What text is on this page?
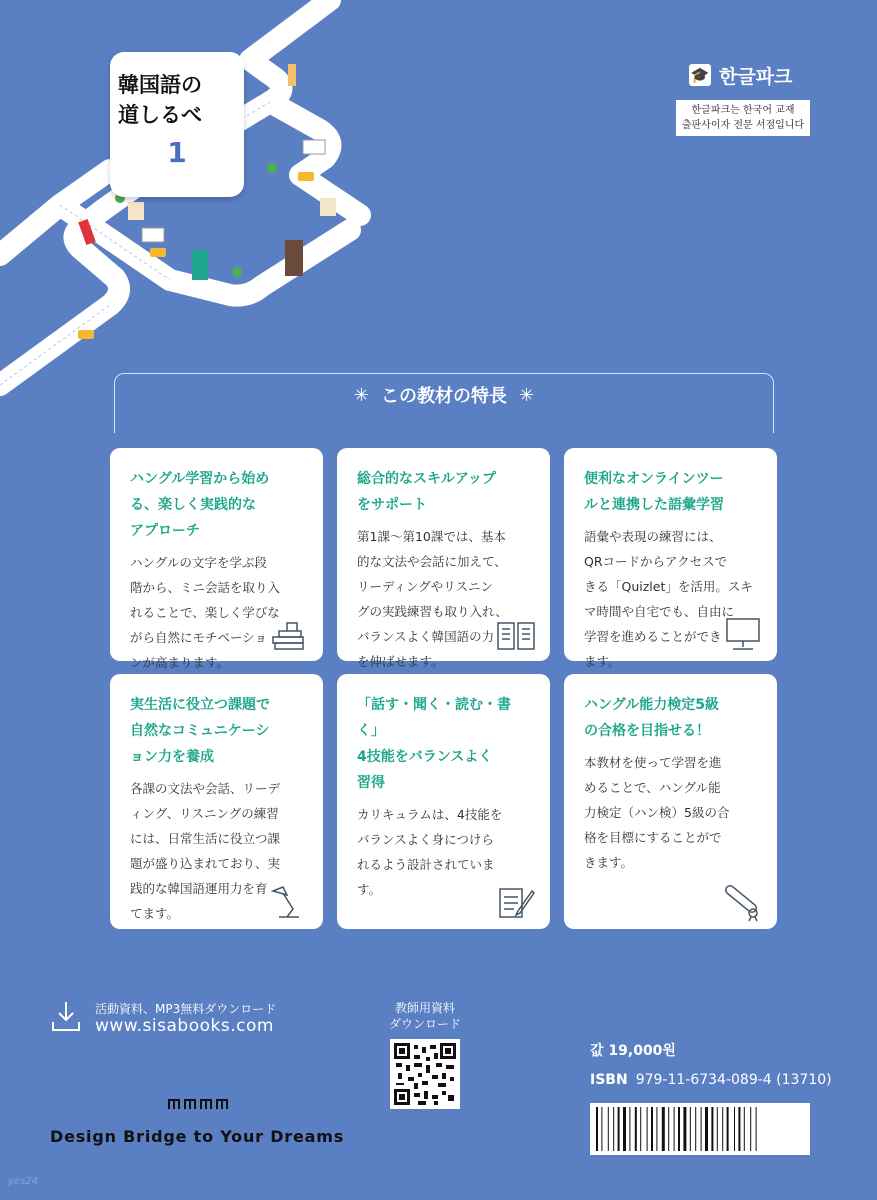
韓国語の
道しるべ
1
🎓 한글파크
한글파크는 한국어 교재
출판사이자 전문 서점입니다
✳ この教材の特長 ✳
ハングル学習から始め
る、楽しく実践的な
アプローチ
ハングルの文字を学ぶ段
階から、ミニ会話を取り入
れることで、楽しく学びな
がら自然にモチベーショ
ンが高まります。
総合的なスキルアップ
をサポート
第1課〜第10課では、基本
的な文法や会話に加えて、
リーディングやリスニン
グの実践練習も取り入れ、
バランスよく韓国語の力
を伸ばせます。
便利なオンラインツー
ルと連携した語彙学習
語彙や表現の練習には、
QRコードからアクセスで
きる「Quizlet」を活用。スキ
マ時間や自宅でも、自由に
学習を進めることができ
ます。
実生活に役立つ課題で
自然なコミュニケーシ
ョン力を養成
各課の文法や会話、リーデ
ィング、リスニングの練習
には、日常生活に役立つ課
題が盛り込まれており、実
践的な韓国語運用力を育
てます。
「話す・聞く・読む・書く」
4技能をバランスよく
習得
カリキュラムは、4技能を
バランスよく身につけら
れるよう設計されていま
す。
ハングル能力検定5級
の合格を目指せる！
本教材を使って学習を進
めることで、ハングル能
力検定（ハン検）5級の合
格を目標にすることがで
きます。
活動資料、MP3無料ダウンロード
www.sisabooks.com
教師用資料
ダウンロード
값 19,000원
ISBN 979-11-6734-089-4 (13710)
Design Bridge to Your Dreams
yes24
